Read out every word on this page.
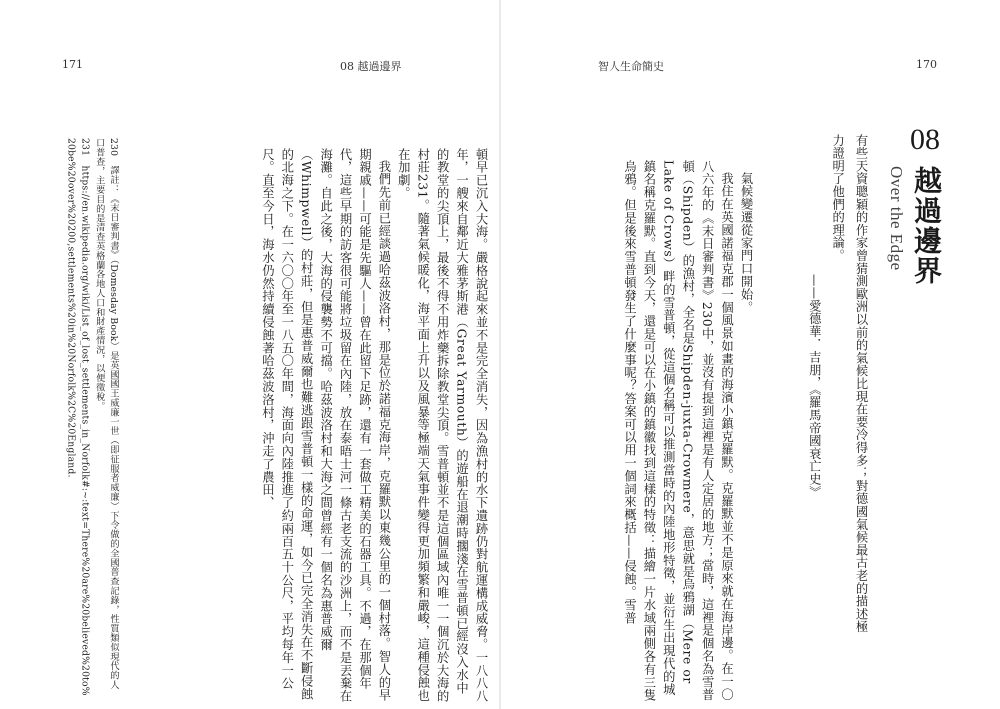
171	08 越過邊界	智人生命簡史	170
08
越過邊界
Over the Edge
有些天資聰穎的作家曾猜測歐洲以前的氣候比現在要冷得多；對德國氣候最古老的描述極力證明了他們的理論。
——愛德華．吉朋，《羅馬帝國衰亡史》

氣候變遷從家門口開始。

我住在英國諾福克郡一個風景如畫的海濱小鎮克羅默。克羅默並不是原來就在海岸邊。在一〇八六年的《末日審判書》230中，並沒有提到這裡是有人定居的地方；當時，這裡是個名為雪普頓（Shipden）的漁村，全名是Shipden-juxta-Crowmere，意思就是烏鴉湖（Mere or Lake of Crows）畔的雪普頓，從這個名稱可以推測當時的內陸地形特徵，並衍生出現代的城鎮名稱克羅默。直到今天，還是可以在小鎮的鎮徽找到這樣的特徵：描繪一片水域兩側各有三隻烏鴉。但是後來雪普頓發生了什麼事呢？答案可以用一個詞來概括——侵蝕。雪普

頓早已沉入大海。嚴格說起來並不是完全消失，因為漁村的水下遺跡仍對航運構成威脅。一八八八年，一艘來自鄰近大雅茅斯港（Great Yarmouth）的遊船在退潮時擱淺在雪普頓已經沒入水中的教堂的尖頂上，最後不得不用炸藥拆除教堂尖頂。雪普頓並不是這個區域內唯一一個沉於大海的村莊231。隨著氣候暖化，海平面上升以及風暴等極端天氣事件變得更加頻繁和嚴峻，這種侵蝕也在加劇。

我們先前已經談過哈茲波洛村，那是位於諾福克海岸，克羅默以東幾公里的一個村落。智人的早期親戚——可能是先驅人——曾在此留下足跡，還有一套做工精美的石器工具。不過，在那個年代，這些早期的訪客很可能將垃圾留在內陸，放在泰晤士河一條古老支流的沙洲上，而不是丟棄在海灘。自此之後，大海的侵襲勢不可擋。哈茲波洛村和大海之間曾經有一個名為惠普威爾（Whimpwell）的村莊，但是惠普威爾也難逃跟雪普頓一樣的命運，如今已完全消失在不斷侵蝕的北海之下。在一六〇〇年至一八五〇年間，海面向內陸推進了約兩百五十公尺，平均每年一公尺。直至今日，海水仍然持續侵蝕著哈茲波洛村，沖走了農田、

230　譯註：《末日審判書》（Domesday Book）是英國國王威廉一世（即征服者威廉）下令做的全國普查記錄，性質類似現代的人口普查，主要目的是清查英格蘭各地人口和財產情況，以便徵稅。
231　https://en.wikipedia.org/wiki/List_of_lost_settlements_in_Norfolk#:~:text=There%20are%20believed%20to%20be%20over%20200,settlements%20in%20Norfolk%2C%20England.
